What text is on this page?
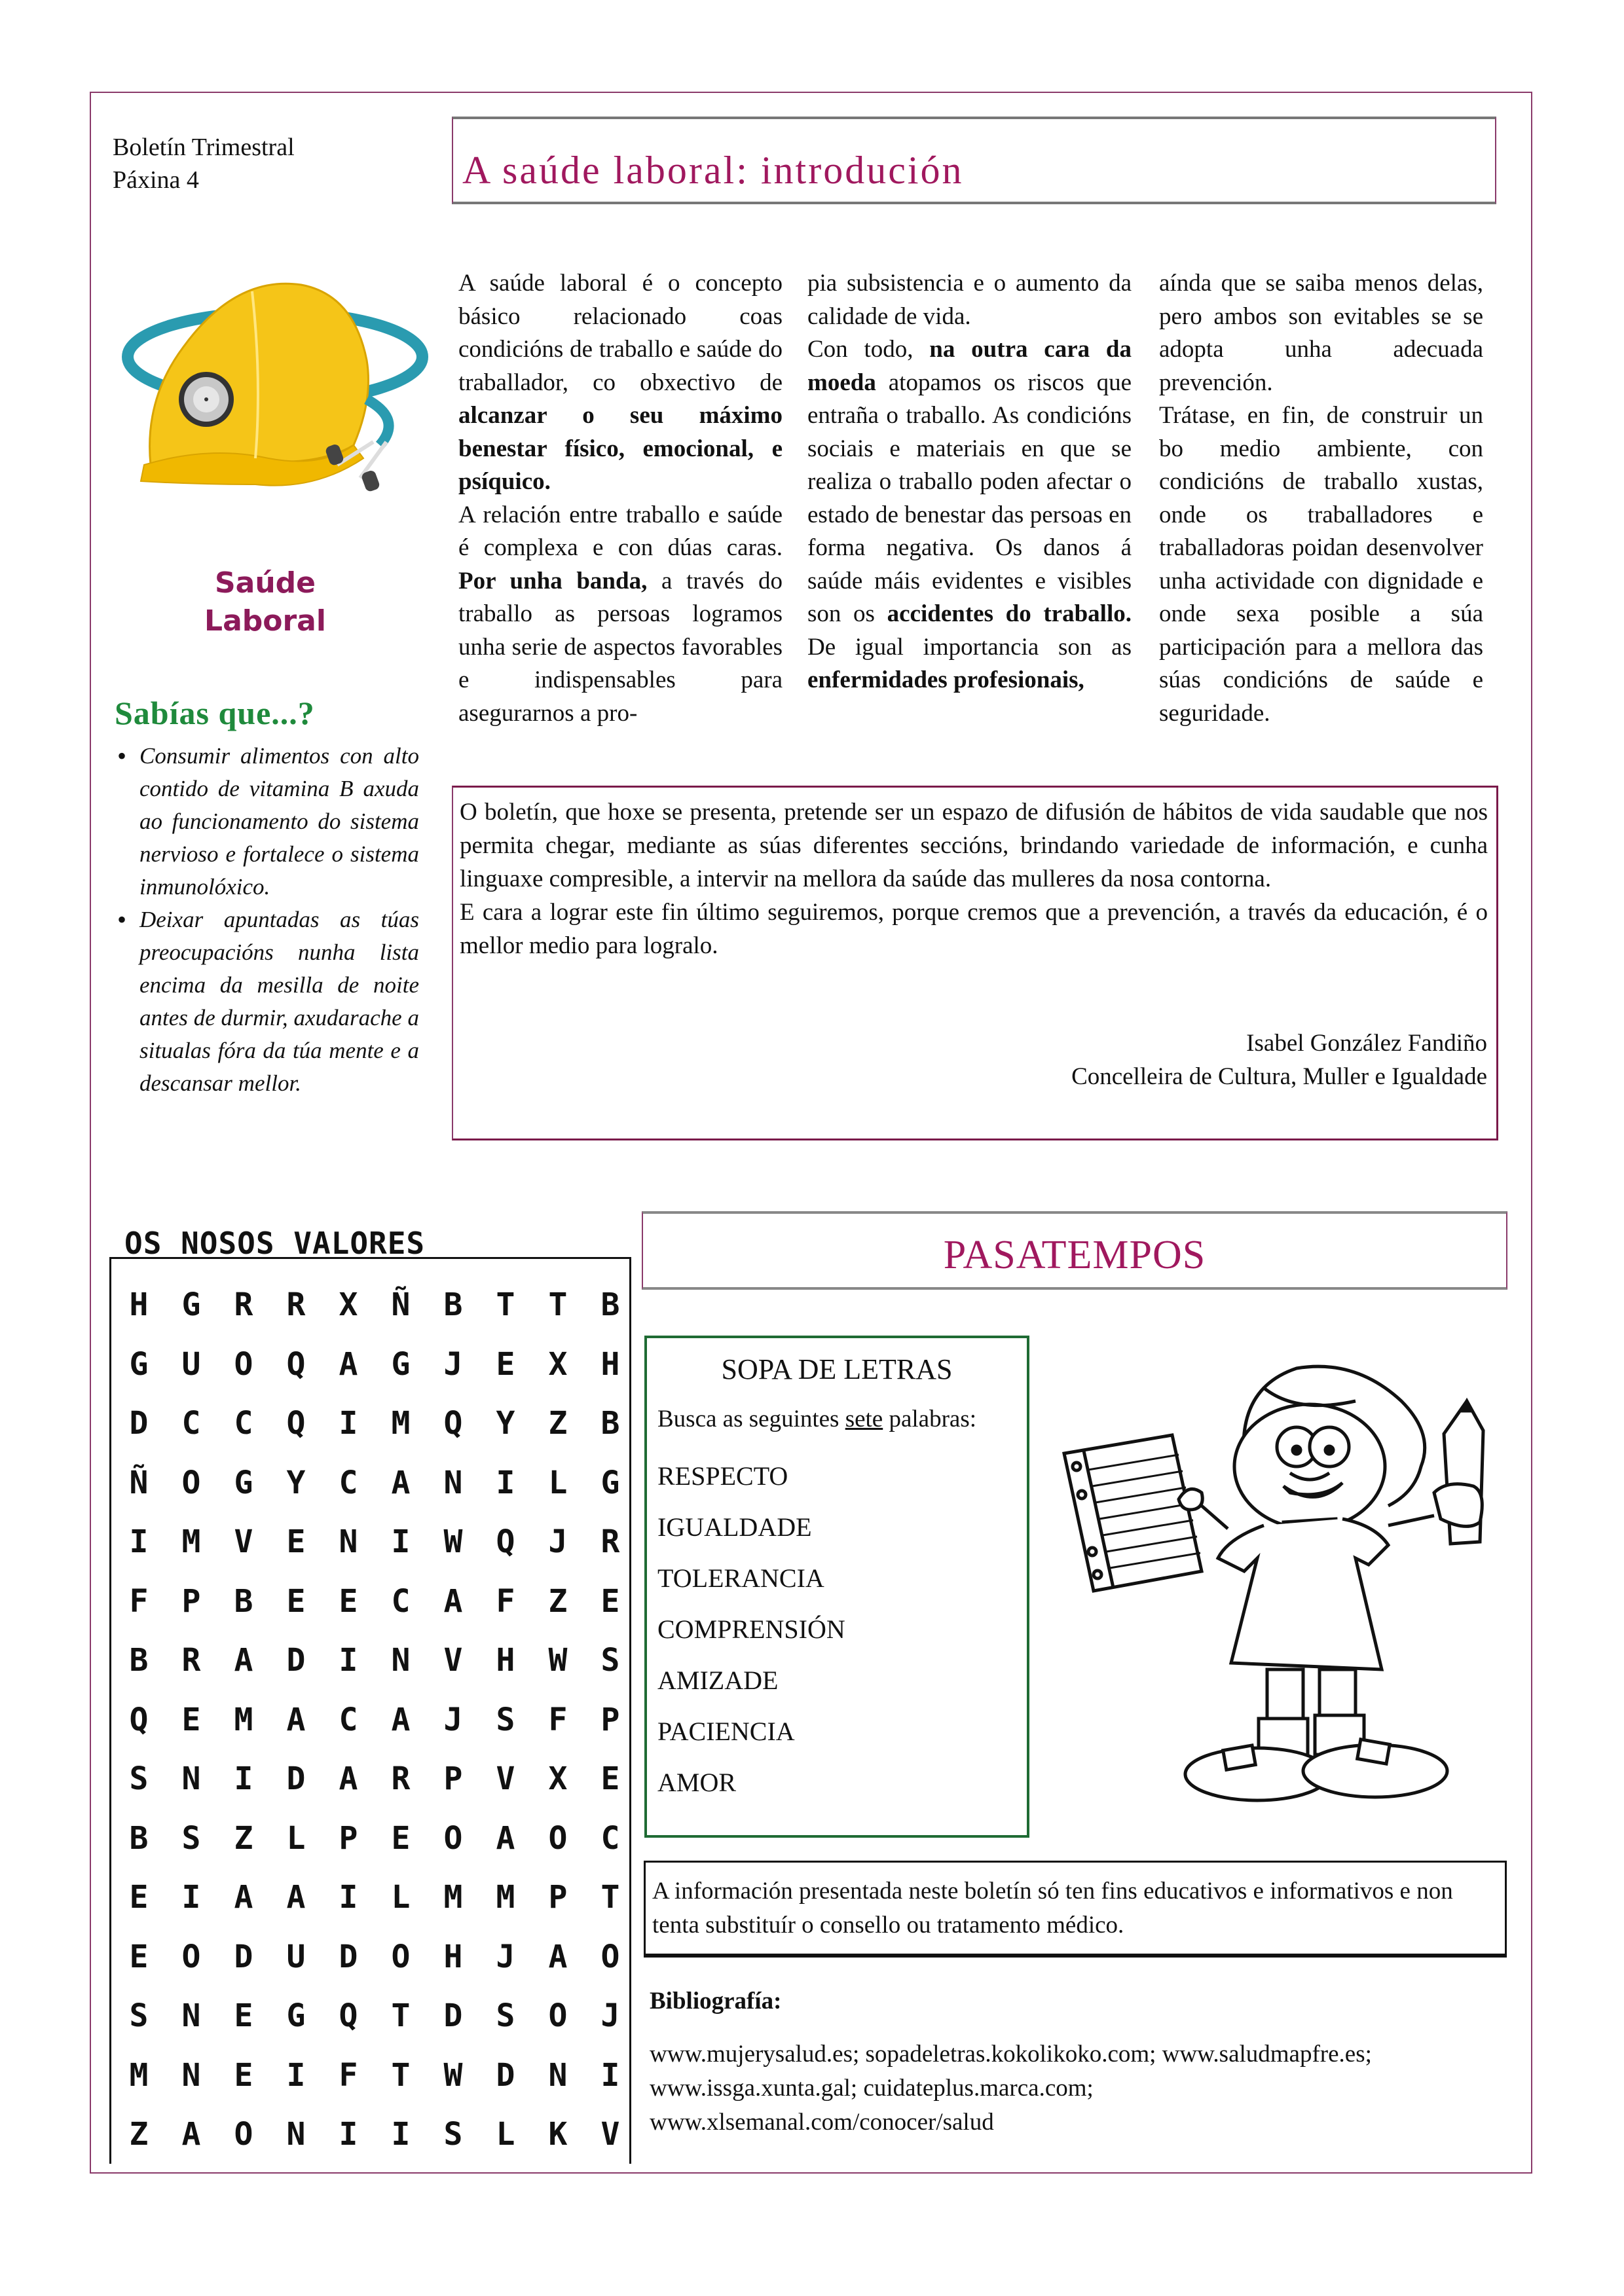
Boletín Trimestral
Páxina 4	A saúde laboral: introdución
Saúde
Laboral
Sabías que...?
• Consumir alimentos con alto contido de vitamina B axuda ao funcionamento do sistema nervioso e fortalece o sistema inmunolóxico.
• Deixar apuntadas as túas preocupacións nunha lista encima da mesilla de noite antes de durmir, axudarache a situalas fóra da túa mente e a descansar mellor.

A saúde laboral é o concepto básico relacionado coas condicións de traballo e saúde do traballador, co obxectivo de alcanzar o seu máximo benestar físico, emocional, e psíquico.

A relación entre traballo e saúde é complexa e con dúas caras. Por unha banda, a través do traballo as persoas logramos unha serie de aspectos favorables e indispensables para asegurarnos a pro-

pia subsistencia e o aumento da calidade de vida.

Con todo, na outra cara da moeda atopamos os riscos que entraña o traballo. As condicións sociais e materiais en que se realiza o traballo poden afectar o estado de benestar das persoas en forma negativa. Os danos á saúde máis evidentes e visibles son os accidentes do traballo. De igual importancia son as enfermidades profesionais,

aínda que se saiba menos delas, pero ambos son evitables se se adopta unha adecuada prevención.

Trátase, en fin, de construir un bo medio ambiente, con condicións de traballo xustas, onde os traballadores e traballadoras poidan desenvolver unha actividade con dignidade e onde sexa posible a súa participación para a mellora das súas condicións de saúde e seguridade.

O boletín, que hoxe se presenta, pretende ser un espazo de difusión de hábitos de vida saudable que nos permita chegar, mediante as súas diferentes seccións, brindando variedade de información, e cunha linguaxe compresible, a intervir na mellora da saúde das mulleres da nosa contorna.

E cara a lograr este fin último seguiremos, porque cremos que a prevención, a través da educación, é o mellor medio para logralo.

Isabel González Fandiño
Concelleira de Cultura, Muller e Igualdade
OS NOSOS VALORES
H	G	R	R	X	Ñ	B	T	T	B
G	U	O	Q	A	G	J	E	X	H
D	C	C	Q	I	M	Q	Y	Z	B
Ñ	O	G	Y	C	A	N	I	L	G
I	M	V	E	N	I	W	Q	J	R
F	P	B	E	E	C	A	F	Z	E
B	R	A	D	I	N	V	H	W	S
Q	E	M	A	C	A	J	S	F	P
S	N	I	D	A	R	P	V	X	E
B	S	Z	L	P	E	O	A	O	C
E	I	A	A	I	L	M	M	P	T
E	O	D	U	D	O	H	J	A	O
S	N	E	G	Q	T	D	S	O	J
M	N	E	I	F	T	W	D	N	I
Z	A	O	N	I	I	S	L	K	V
PASATEMPOS
SOPA DE LETRAS
Busca as seguintes sete palabras:
RESPECTO
IGUALDADE
TOLERANCIA
COMPRENSIÓN
AMIZADE
PACIENCIA
AMOR
A información presentada neste boletín só ten fins educativos e informativos e non tenta substituír o consello ou tratamento médico.
Bibliografía:
www.mujerysalud.es; sopadeletras.kokolikoko.com; www.saludmapfre.es;
www.issga.xunta.gal; cuidateplus.marca.com;
www.xlsemanal.com/conocer/salud
